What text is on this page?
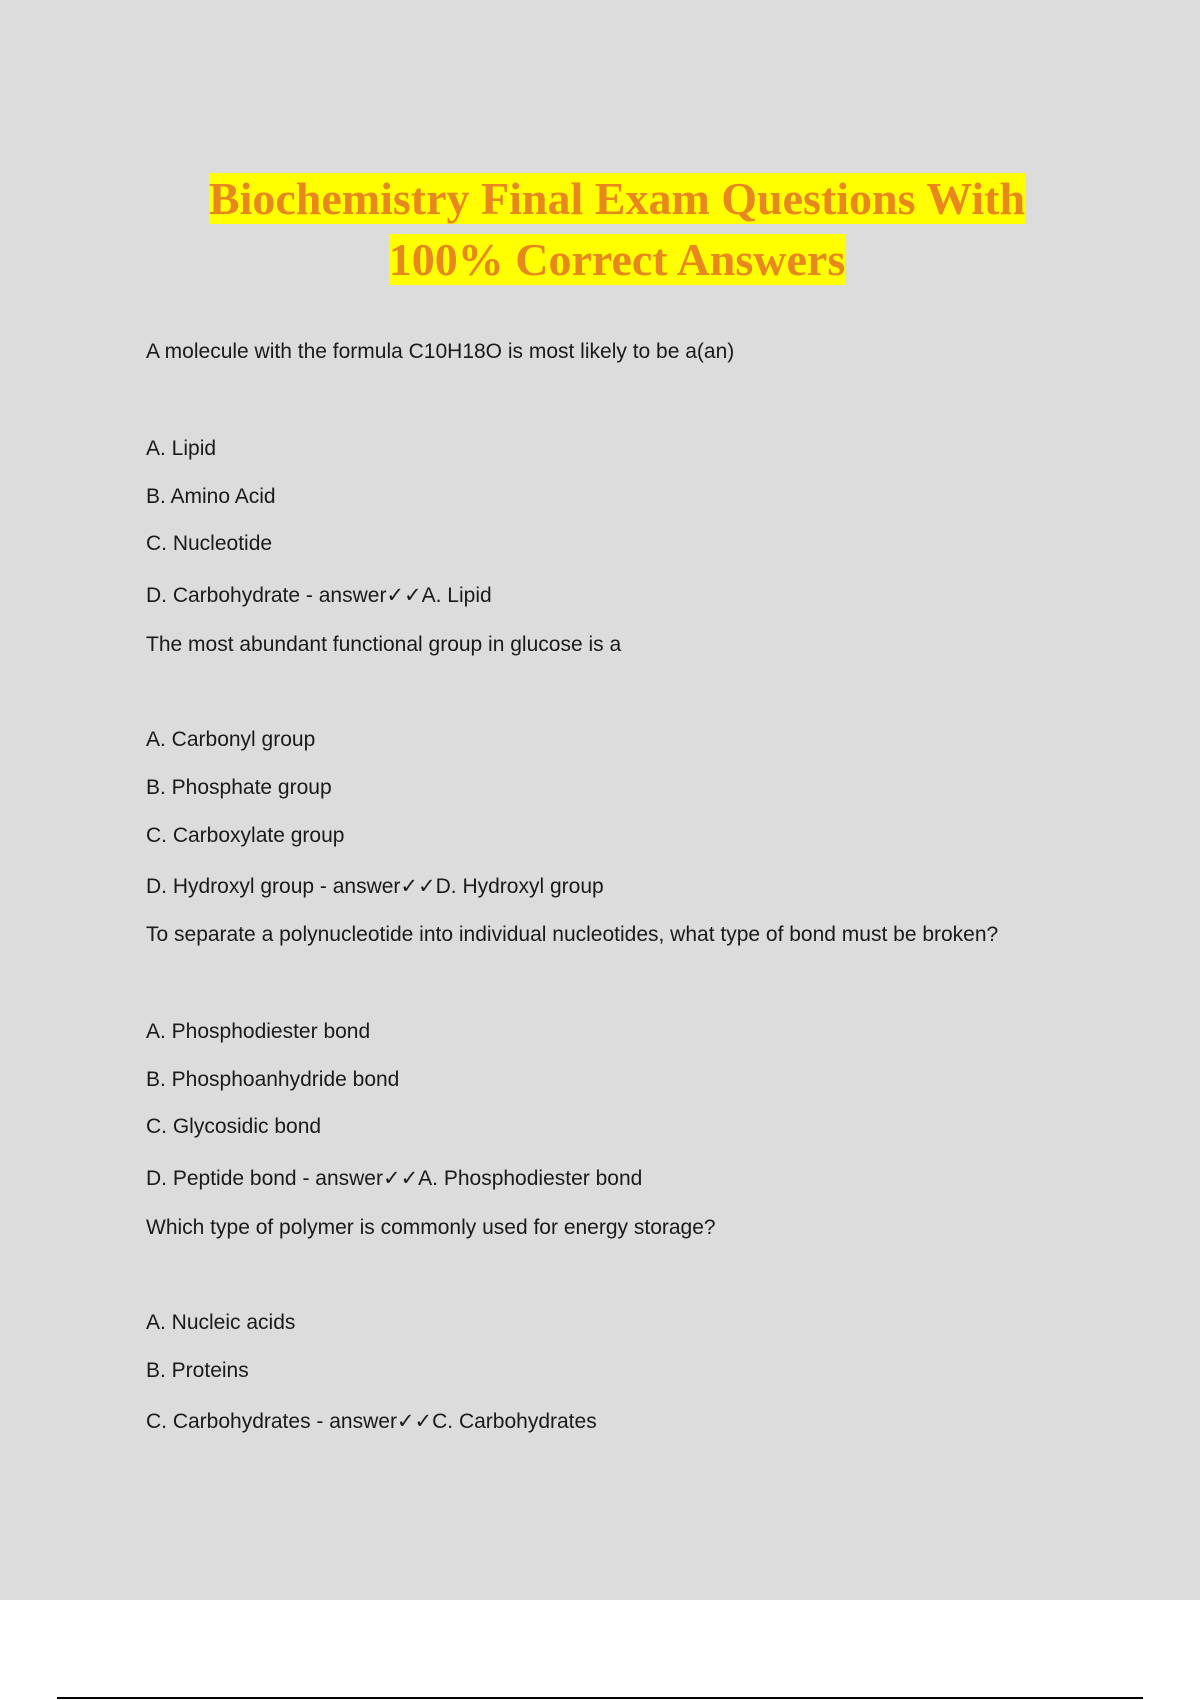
Biochemistry Final Exam Questions With
100% Correct Answers
A molecule with the formula C10H18O is most likely to be a(an)
A. Lipid
B. Amino Acid
C. Nucleotide
D. Carbohydrate - answer✓✓A. Lipid
The most abundant functional group in glucose is a
A. Carbonyl group
B. Phosphate group
C. Carboxylate group
D. Hydroxyl group - answer✓✓D. Hydroxyl group
To separate a polynucleotide into individual nucleotides, what type of bond must be broken?
A. Phosphodiester bond
B. Phosphoanhydride bond
C. Glycosidic bond
D. Peptide bond - answer✓✓A. Phosphodiester bond
Which type of polymer is commonly used for energy storage?
A. Nucleic acids
B. Proteins
C. Carbohydrates - answer✓✓C. Carbohydrates
